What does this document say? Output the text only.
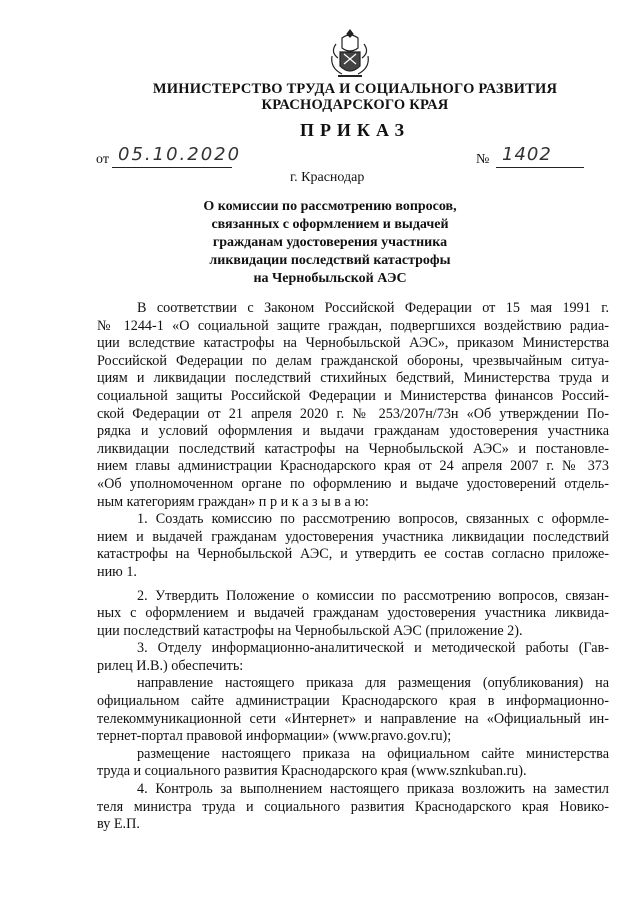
МИНИСТЕРСТВО ТРУДА И СОЦИАЛЬНОГО РАЗВИТИЯ
КРАСНОДАРСКОГО КРАЯ
ПРИКАЗ
от 05.10.2020	№ 1402
г. Краснодар
О комиссии по рассмотрению вопросов,
связанных с оформлением и выдачей
гражданам удостоверения участника
ликвидации последствий катастрофы
на Чернобыльской АЭС
В соответствии с Законом Российской Федерации от 15 мая 1991 г.
№ 1244-1 «О социальной защите граждан, подвергшихся воздействию радиа-
ции вследствие катастрофы на Чернобыльской АЭС», приказом Министерства
Российской Федерации по делам гражданской обороны, чрезвычайным ситуа-
циям и ликвидации последствий стихийных бедствий, Министерства труда и
социальной защиты Российской Федерации и Министерства финансов Россий-
ской Федерации от 21 апреля 2020 г. № 253/207н/73н «Об утверждении По-
рядка и условий оформления и выдачи гражданам удостоверения участника
ликвидации последствий катастрофы на Чернобыльской АЭС» и постановле-
нием главы администрации Краснодарского края от 24 апреля 2007 г. № 373
«Об уполномоченном органе по оформлению и выдаче удостоверений отдель-
ным категориям граждан» п р и к а з ы в а ю:
1. Создать комиссию по рассмотрению вопросов, связанных с оформле-
нием и выдачей гражданам удостоверения участника ликвидации последствий
катастрофы на Чернобыльской АЭС, и утвердить ее состав согласно приложе-
нию 1.
2. Утвердить Положение о комиссии по рассмотрению вопросов, связан-
ных с оформлением и выдачей гражданам удостоверения участника ликвида-
ции последствий катастрофы на Чернобыльской АЭС (приложение 2).
3. Отделу информационно-аналитической и методической работы (Гав-
рилец И.В.) обеспечить:
направление настоящего приказа для размещения (опубликования) на
официальном сайте администрации Краснодарского края в информационно-
телекоммуникационной сети «Интернет» и направление на «Официальный ин-
тернет-портал правовой информации» (www.pravo.gov.ru);
размещение настоящего приказа на официальном сайте министерства
труда и социального развития Краснодарского края (www.sznkuban.ru).
4. Контроль за выполнением настоящего приказа возложить на заместил
теля министра труда и социального развития Краснодарского края Новико-
ву Е.П.
